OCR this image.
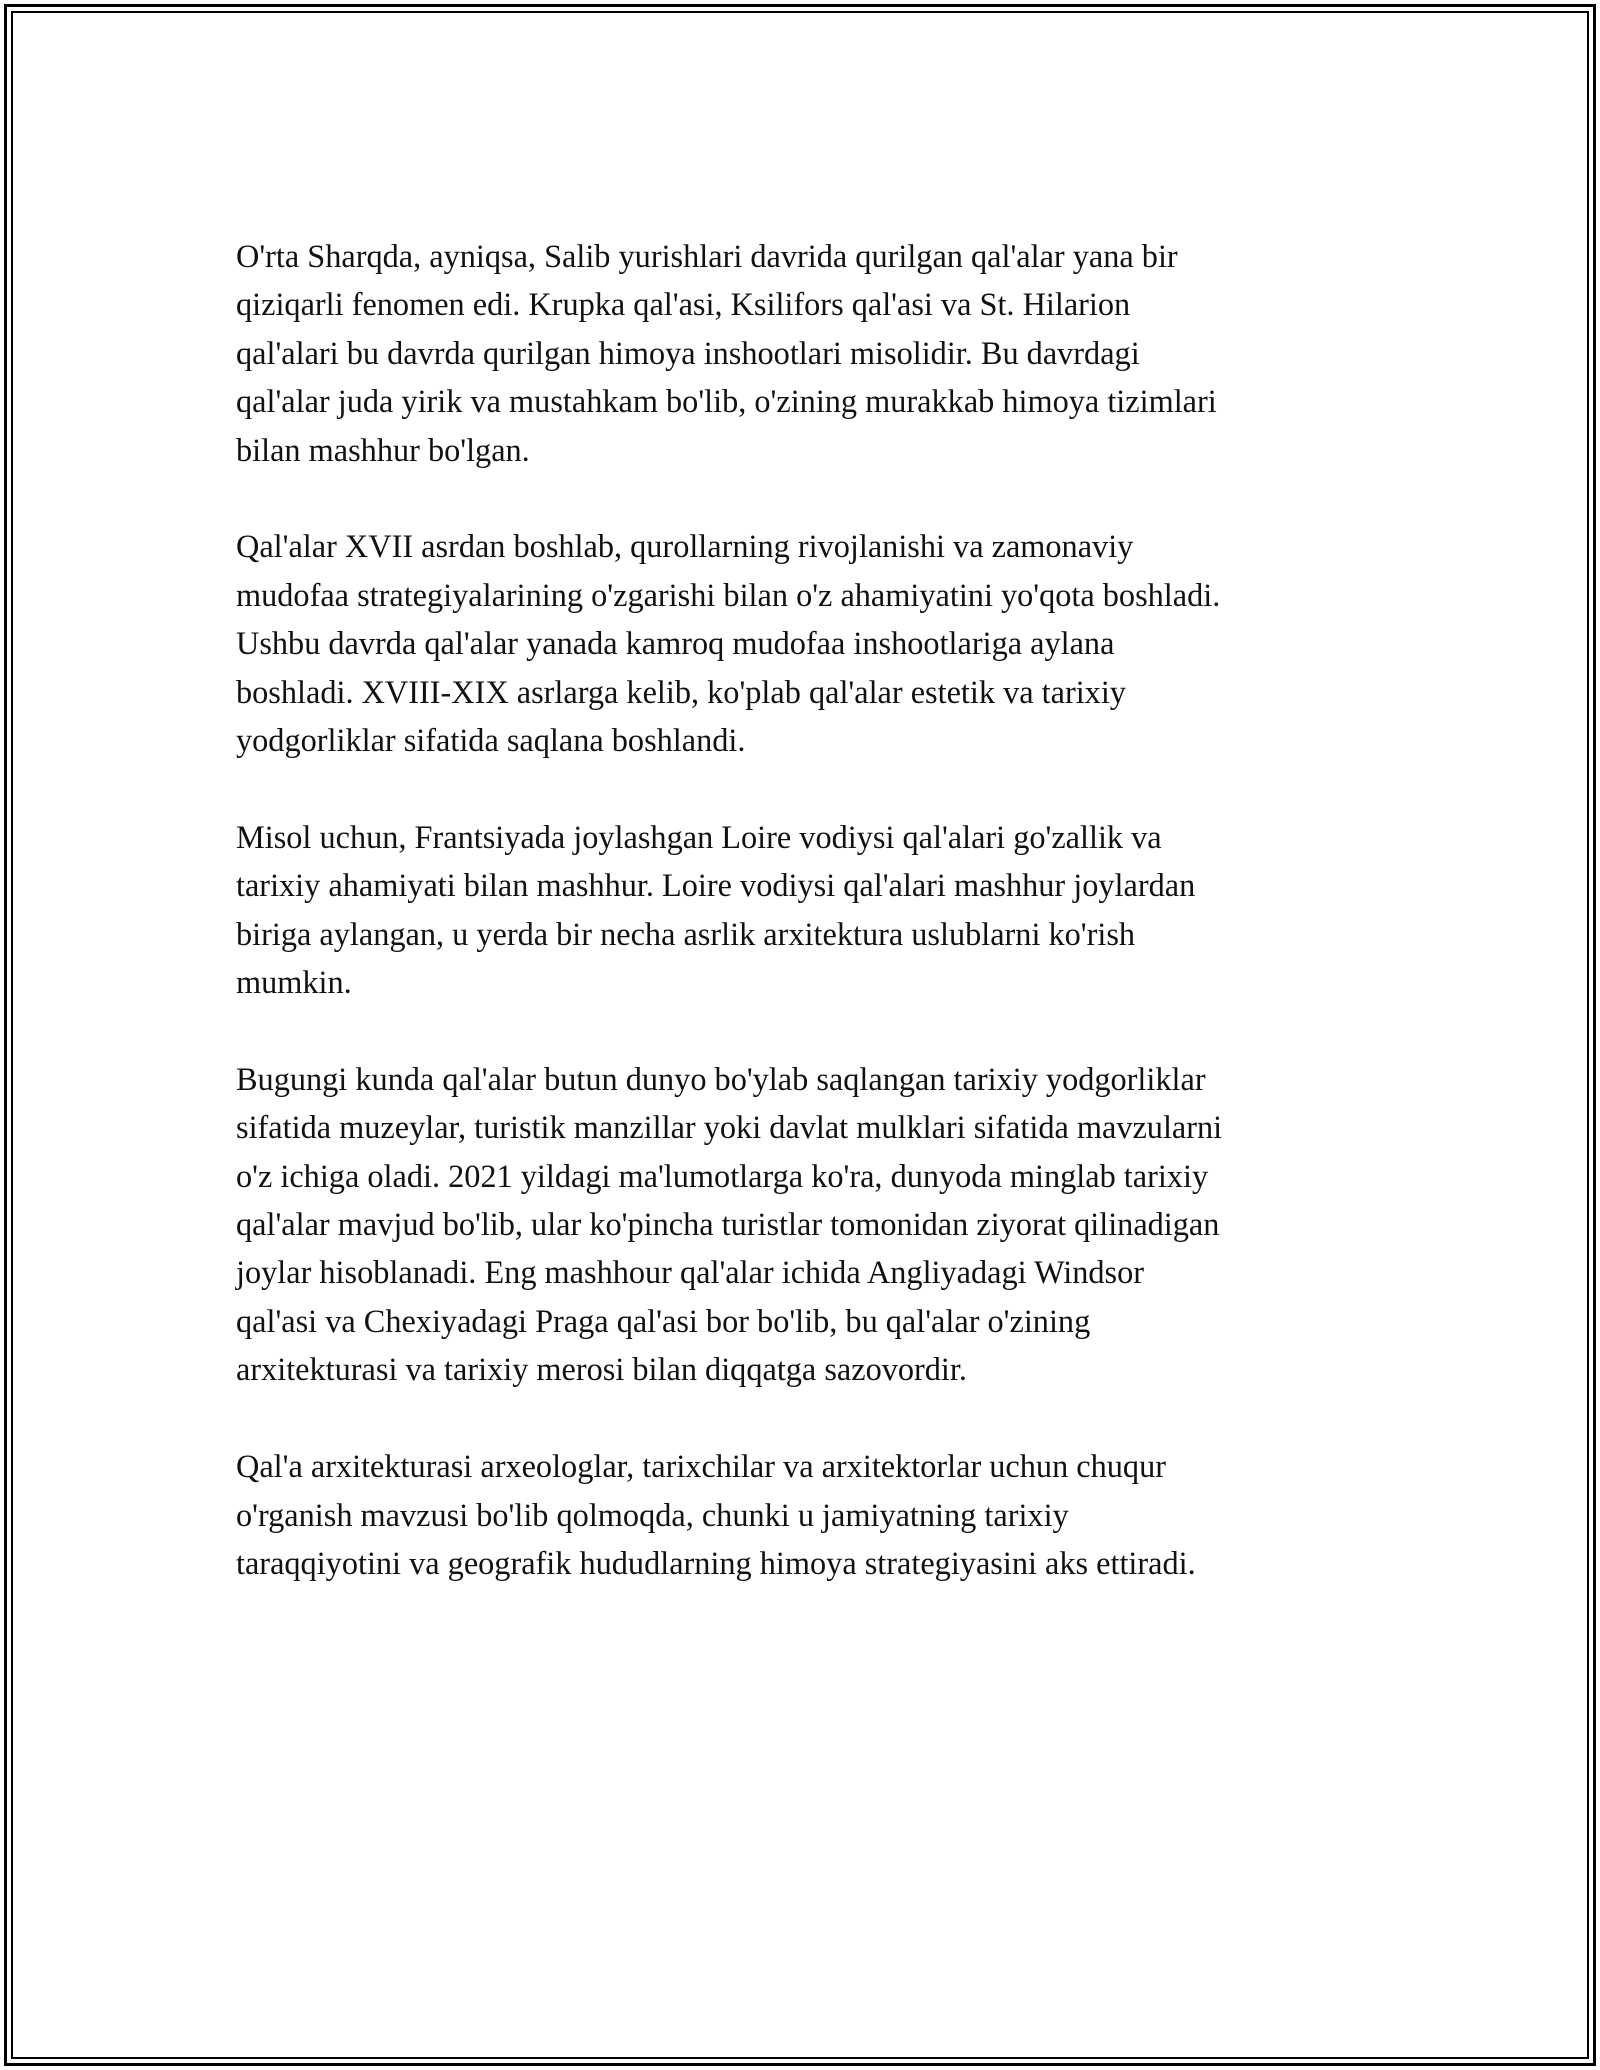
O'rta Sharqda, ayniqsa, Salib yurishlari davrida qurilgan qal'alar yana bir
qiziqarli fenomen edi. Krupka qal'asi, Ksilifors qal'asi va St. Hilarion
qal'alari bu davrda qurilgan himoya inshootlari misolidir. Bu davrdagi
qal'alar juda yirik va mustahkam bo'lib, o'zining murakkab himoya tizimlari
bilan mashhur bo'lgan.

Qal'alar XVII asrdan boshlab, qurollarning rivojlanishi va zamonaviy
mudofaa strategiyalarining o'zgarishi bilan o'z ahamiyatini yo'qota boshladi.
Ushbu davrda qal'alar yanada kamroq mudofaa inshootlariga aylana
boshladi. XVIII-XIX asrlarga kelib, ko'plab qal'alar estetik va tarixiy
yodgorliklar sifatida saqlana boshlandi.

Misol uchun, Frantsiyada joylashgan Loire vodiysi qal'alari go'zallik va
tarixiy ahamiyati bilan mashhur. Loire vodiysi qal'alari mashhur joylardan
biriga aylangan, u yerda bir necha asrlik arxitektura uslublarni ko'rish
mumkin.

Bugungi kunda qal'alar butun dunyo bo'ylab saqlangan tarixiy yodgorliklar
sifatida muzeylar, turistik manzillar yoki davlat mulklari sifatida mavzularni
o'z ichiga oladi. 2021 yildagi ma'lumotlarga ko'ra, dunyoda minglab tarixiy
qal'alar mavjud bo'lib, ular ko'pincha turistlar tomonidan ziyorat qilinadigan
joylar hisoblanadi. Eng mashhour qal'alar ichida Angliyadagi Windsor
qal'asi va Chexiyadagi Praga qal'asi bor bo'lib, bu qal'alar o'zining
arxitekturasi va tarixiy merosi bilan diqqatga sazovordir.

Qal'a arxitekturasi arxeologlar, tarixchilar va arxitektorlar uchun chuqur
o'rganish mavzusi bo'lib qolmoqda, chunki u jamiyatning tarixiy
taraqqiyotini va geografik hududlarning himoya strategiyasini aks ettiradi.
